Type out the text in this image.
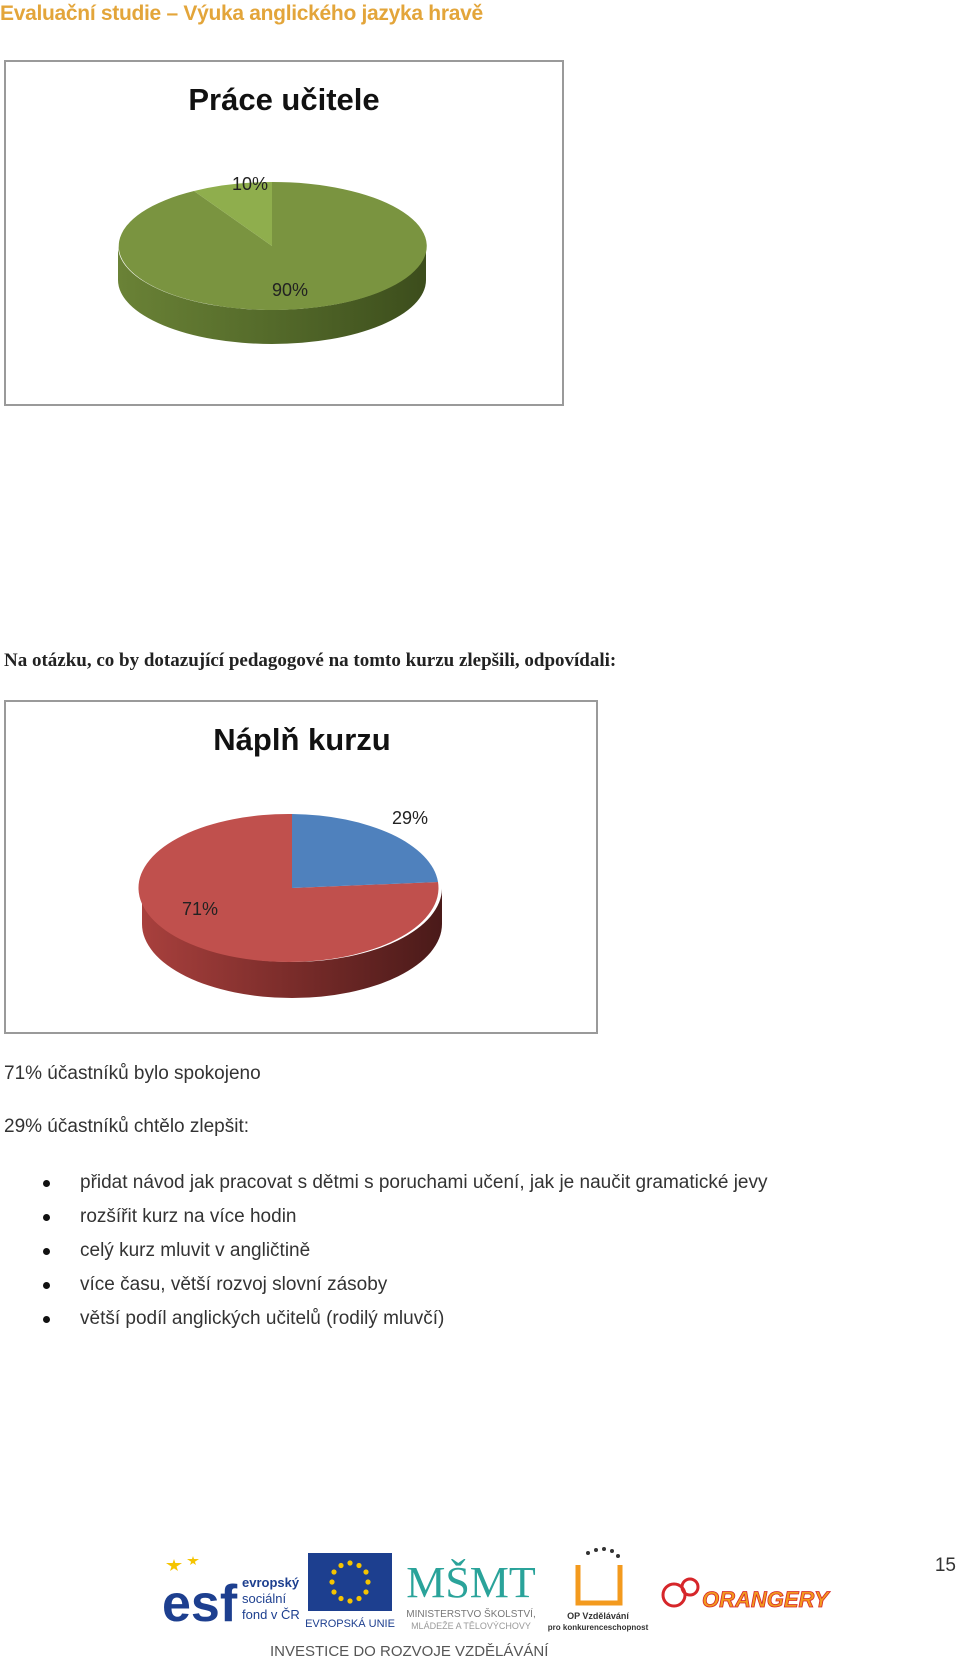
Evaluační studie – Výuka anglického jazyka hravě
Práce učitele
10%
90%
Na otázku, co by dotazující pedagogové na tomto kurzu zlepšili, odpovídali:
Náplň kurzu
29%
71%
71% účastníků bylo spokojeno
29% účastníků chtělo zlepšit:
přidat návod jak pracovat s dětmi s poruchami učení, jak je naučit gramatické jevy
rozšířit kurz na více hodin
celý kurz mluvit v angličtině
více času, větší rozvoj slovní zásoby
větší podíl anglických učitelů (rodilý mluvčí)
15
esf evropský
sociální
fond v ČR
EVROPSKÁ UNIE
MŠMT
MINISTERSTVO ŠKOLSTVÍ,
MLÁDEŽE A TĚLOVÝCHOVY
OP Vzdělávání
pro konkurenceschopnost
ORANGERY
INVESTICE DO ROZVOJE VZDĚLÁVÁNÍ
